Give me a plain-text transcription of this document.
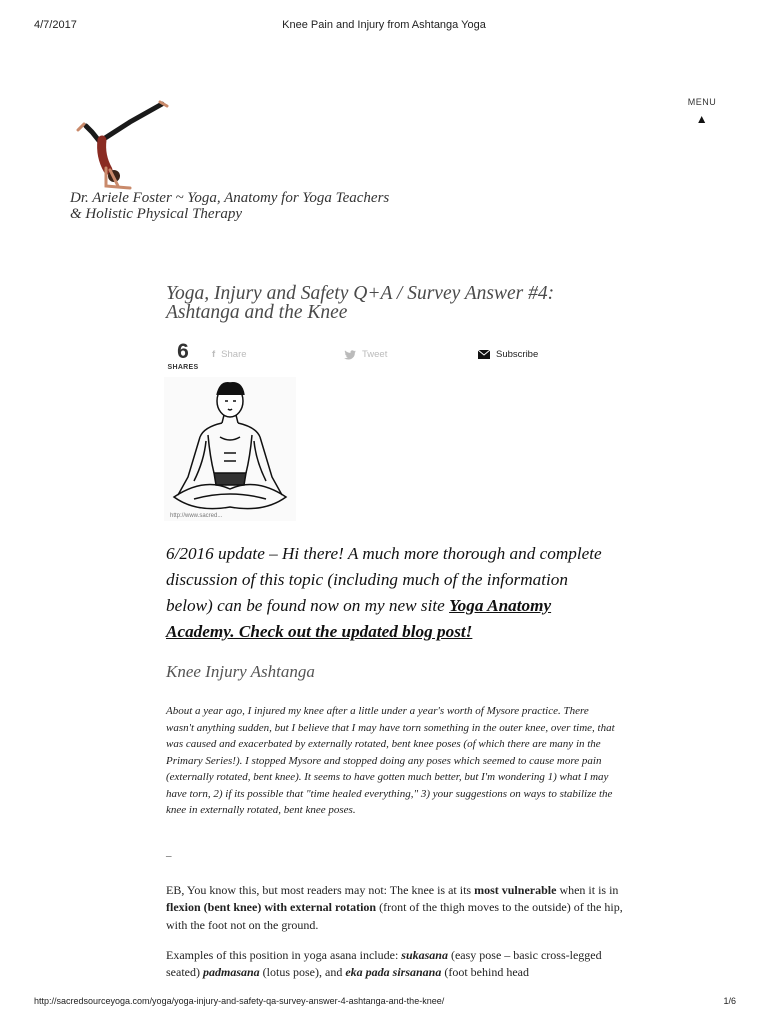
4/7/2017	Knee Pain and Injury from Ashtanga Yoga
MENU
▲
Dr. Ariele Foster ~ Yoga, Anatomy for Yoga Teachers & Holistic Physical Therapy
Yoga, Injury and Safety Q+A / Survey Answer #4: Ashtanga and the Knee
6
SHARES
f Share	Tweet	Subscribe
http://www.sacred...

6/2016 update – Hi there! A much more thorough and complete discussion of this topic (including much of the information below) can be found now on my new site Yoga Anatomy Academy. Check out the updated blog post!

Knee Injury Ashtanga

About a year ago, I injured my knee after a little under a year's worth of Mysore practice. There wasn't anything sudden, but I believe that I may have torn something in the outer knee, over time, that was caused and exacerbated by externally rotated, bent knee poses (of which there are many in the Primary Series!). I stopped Mysore and stopped doing any poses which seemed to cause more pain (externally rotated, bent knee). It seems to have gotten much better, but I'm wondering 1) what I may have torn, 2) if its possible that "time healed everything," 3) your suggestions on ways to stabilize the knee in externally rotated, bent knee poses.

–

EB, You know this, but most readers may not: The knee is at its most vulnerable when it is in flexion (bent knee) with external rotation (front of the thigh moves to the outside) of the hip, with the foot not on the ground.

Examples of this position in yoga asana include: sukasana (easy pose – basic cross-legged seated) padmasana (lotus pose), and eka pada sirsanana (foot behind head

http://sacredsourceyoga.com/yoga/yoga-injury-and-safety-qa-survey-answer-4-ashtanga-and-the-knee/	1/6
